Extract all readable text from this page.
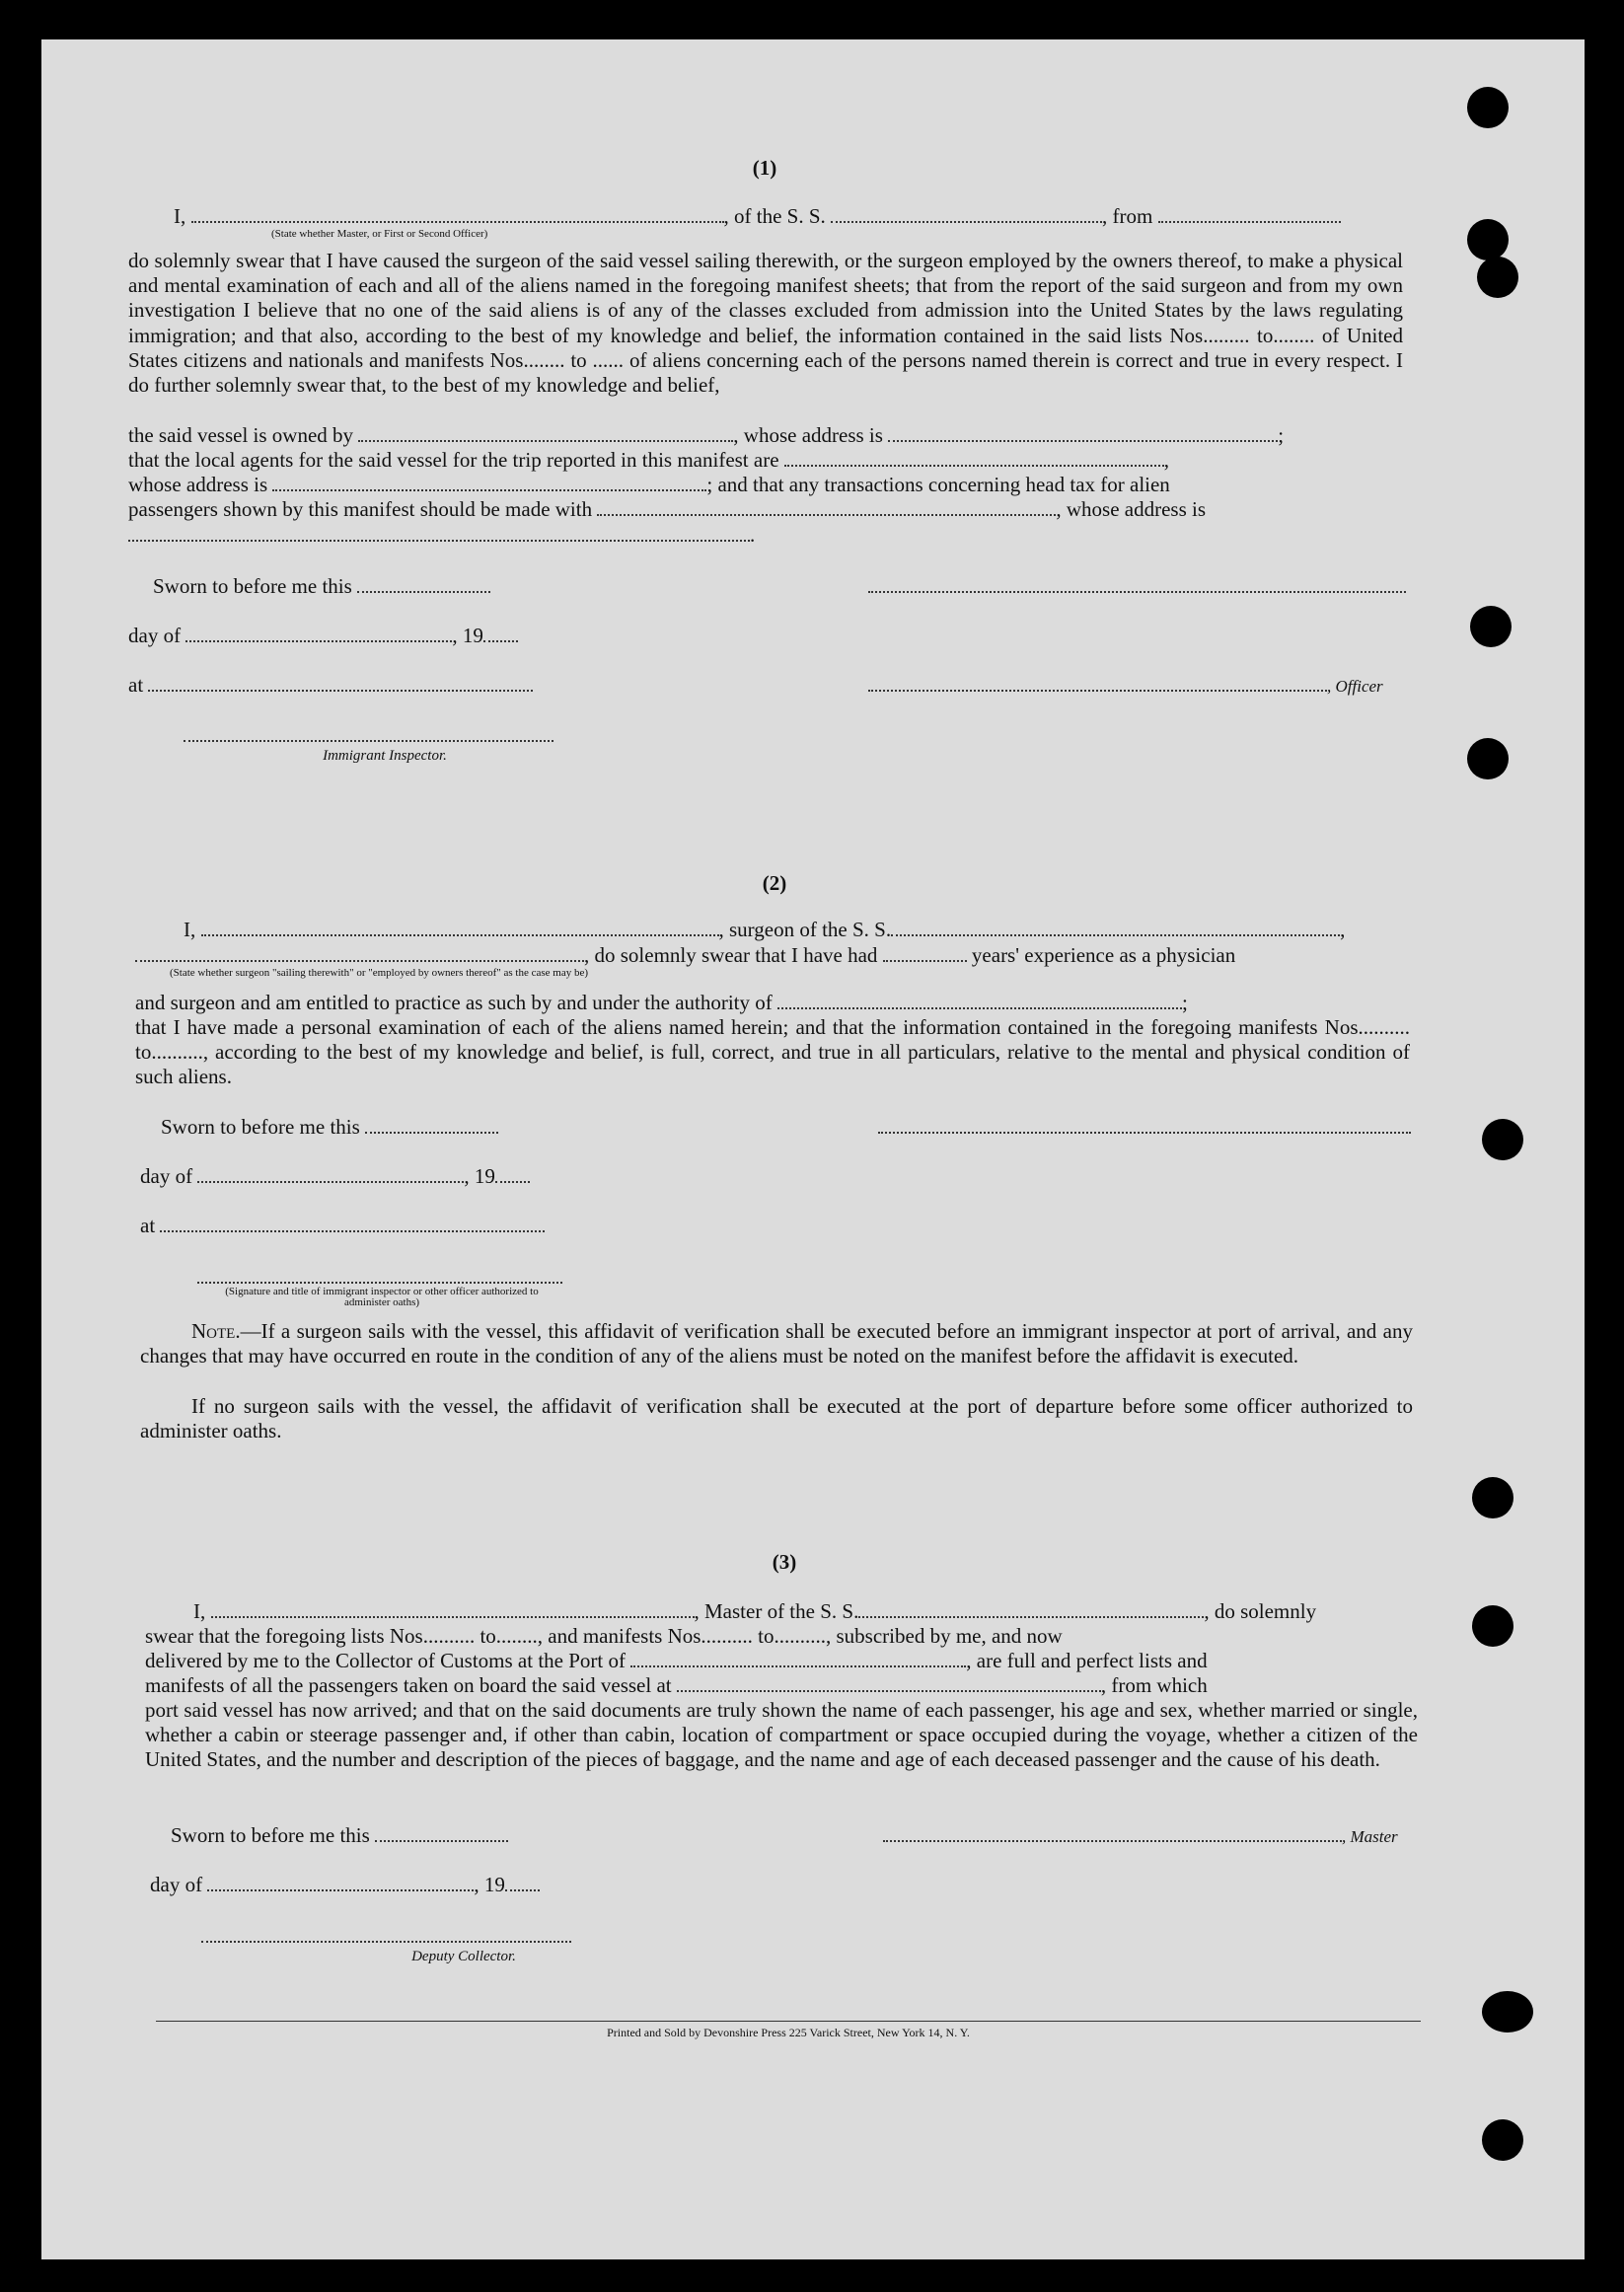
(1)
I,	, of the S. S.	, from
(State whether Master, or First or Second Officer)
do solemnly swear that I have caused the surgeon of the said vessel sailing therewith, or the surgeon employed by the owners thereof, to make a physical and mental examination of each and all of the aliens named in the foregoing manifest sheets; that from the report of the said surgeon and from my own investigation I believe that no one of the said aliens is of any of the classes excluded from admission into the United States by the laws regulating immigration; and that also, according to the best of my knowledge and belief, the information contained in the said lists Nos......... to........ of United States citizens and nationals and manifests Nos........ to ...... of aliens concerning each of the persons named therein is correct and true in every respect. I do further solemnly swear that, to the best of my knowledge and belief,
the said vessel is owned by	, whose address is	;
that the local agents for the said vessel for the trip reported in this manifest are	,
whose address is	; and that any transactions concerning head tax for alien
passengers shown by this manifest should be made with	, whose address is
.
Sworn to before me this
day of	, 19
at	, Officer
Immigrant Inspector.
(2)
I,	, surgeon of the S. S.	,
, do solemnly swear that I have had	years' experience as a physician
(State whether surgeon "sailing therewith" or "employed by owners thereof" as the case may be)
and surgeon and am entitled to practice as such by and under the authority of	;
that I have made a personal examination of each of the aliens named herein; and that the information contained in the foregoing manifests Nos.......... to.........., according to the best of my knowledge and belief, is full, correct, and true in all particulars, relative to the mental and physical condition of such aliens.
Sworn to before me this
day of	, 19
at
(Signature and title of immigrant inspector or other officer authorized to administer oaths)
Note.—If a surgeon sails with the vessel, this affidavit of verification shall be executed before an immigrant inspector at port of arrival, and any changes that may have occurred en route in the condition of any of the aliens must be noted on the manifest before the affidavit is executed.
If no surgeon sails with the vessel, the affidavit of verification shall be executed at the port of departure before some officer authorized to administer oaths.
(3)
I,	, Master of the S. S.	, do solemnly
swear that the foregoing lists Nos.......... to........, and manifests Nos.......... to.........., subscribed by me, and now
delivered by me to the Collector of Customs at the Port of	, are full and perfect lists and
manifests of all the passengers taken on board the said vessel at	, from which
port said vessel has now arrived; and that on the said documents are truly shown the name of each passenger, his age and sex, whether married or single, whether a cabin or steerage passenger and, if other than cabin, location of compartment or space occupied during the voyage, whether a citizen of the United States, and the number and description of the pieces of baggage, and the name and age of each deceased passenger and the cause of his death.
Sworn to before me this	, Master
day of	, 19
Deputy Collector.
Printed and Sold by Devonshire Press 225 Varick Street, New York 14, N. Y.
